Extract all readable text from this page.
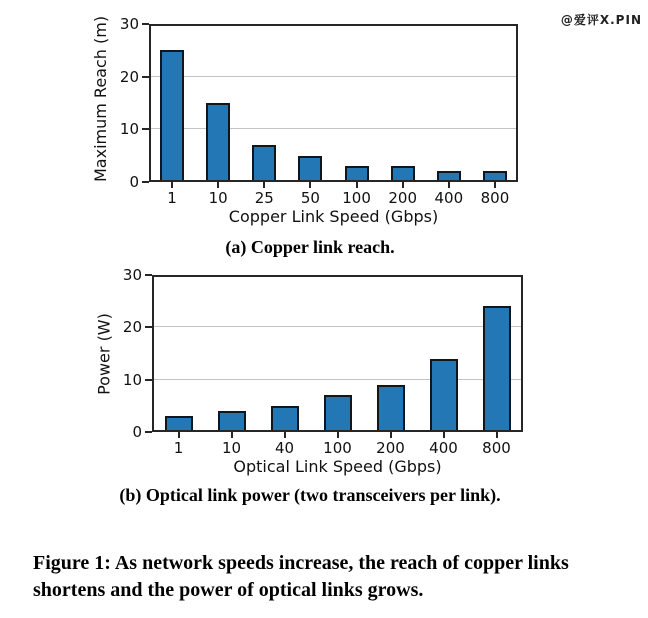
@爱评X.PIN
0
10
20
30
1	10	25	50	100	200	400	800
Copper Link Speed (Gbps)
Maximum Reach (m)
(a) Copper link reach.
0
10
20
30
1	10	40	100	200	400	800
Optical Link Speed (Gbps)
Power (W)
(b) Optical link power (two transceivers per link).

Figure 1: As network speeds increase, the reach of copper links shortens and the power of optical links grows.
